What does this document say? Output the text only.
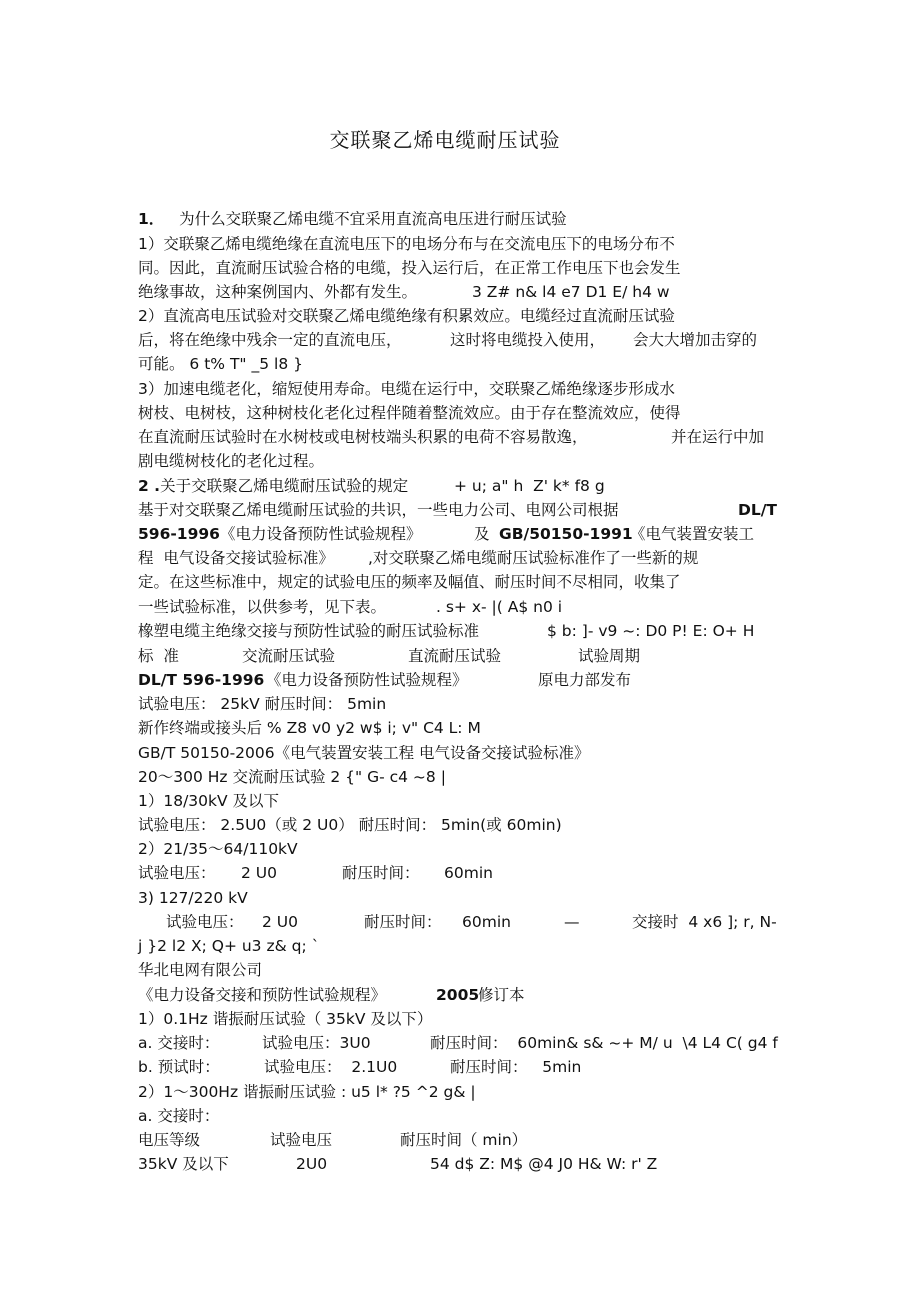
交联聚乙烯电缆耐压试验
1． 为什么交联聚乙烯电缆不宜采用直流高电压进行耐压试验
1）交联聚乙烯电缆绝缘在直流电压下的电场分布与在交流电压下的电场分布不
同。因此，直流耐压试验合格的电缆，投入运行后，在正常工作电压下也会发生
绝缘事故，这种案例国内、外都有发生。	3 Z# n& l4 e7 D1 E/ h4 w
2）直流高电压试验对交联聚乙烯电缆绝缘有积累效应。电缆经过直流耐压试验
后，将在绝缘中残余一定的直流电压，	这时将电缆投入使用， 会大大增加击穿的
可能。 6 t% T" _5 l8 }
3）加速电缆老化，缩短使用寿命。电缆在运行中，交联聚乙烯绝缘逐步形成水
树枝、电树枝，这种树枝化老化过程伴随着整流效应。由于存在整流效应，使得
在直流耐压试验时在水树枝或电树枝端头积累的电荷不容易散逸，	并在运行中加
剧电缆树枝化的老化过程。
2 .关于交联聚乙烯电缆耐压试验的规定	+ u; a" h  Z' k* f8 g
基于对交联聚乙烯电缆耐压试验的共识，一些电力公司、电网公司根据	DL/T
596-1996 《电力设备预防性试验规程》	及 GB/50150-1991
《电气装置安装工
程  电气设备交接试验标准》 ,对交联聚乙烯电缆耐压试验标准作了一些新的规
定。在这些标准中，规定的试验电压的频率及幅值、耐压时间不尽相同，收集了
一些试验标准，以供参考，见下表。	. s+ x- |( A$ n0 i
橡塑电缆主绝缘交接与预防性试验的耐压试验标准	$ b: ]- v9 ~: D0 P! E: O+ H
标  准	交流耐压试验	直流耐压试验	试验周期
DL/T 596-1996 《电力设备预防性试验规程》	原电力部发布
试验电压： 25kV 耐压时间： 5min
新作终端或接头后 % Z8 v0 y2 w$ i; v" C4 L: M
GB/T 50150-2006《电气装置安装工程 电气设备交接试验标准》
20～300 Hz 交流耐压试验 2 {" G- c4 ~8 |
1）18/30kV 及以下
试验电压： 2.5U0（或 2 U0） 耐压时间： 5min(或 60min)
2）21/35～64/110kV
试验电压： 2 U0	耐压时间： 60min
3) 127/220 kV
试验电压： 2 U0	耐压时间： 60min	—	交接时  4 x6 ]; r, N-
j }2 l2 X; Q+ u3 z& q; `
华北电网有限公司
《电力设备交接和预防性试验规程》	2005
修订本
1）0.1Hz 谐振耐压试验（ 35kV 及以下）
a. 交接时：	试验电压：3U0	耐压时间：  60min& s& ~+ M/ u  \4 L4 C( g4 f
b. 预试时：	试验电压：  2.1U0	耐压时间：   5min
2）1～300Hz 谐振耐压试验 : u5 l* ?5 ^2 g& |
a. 交接时：
电压等级	试验电压	耐压时间（ min）
35kV 及以下	2U0	54 d$ Z: M$ @4 J0 H& W: r' Z
